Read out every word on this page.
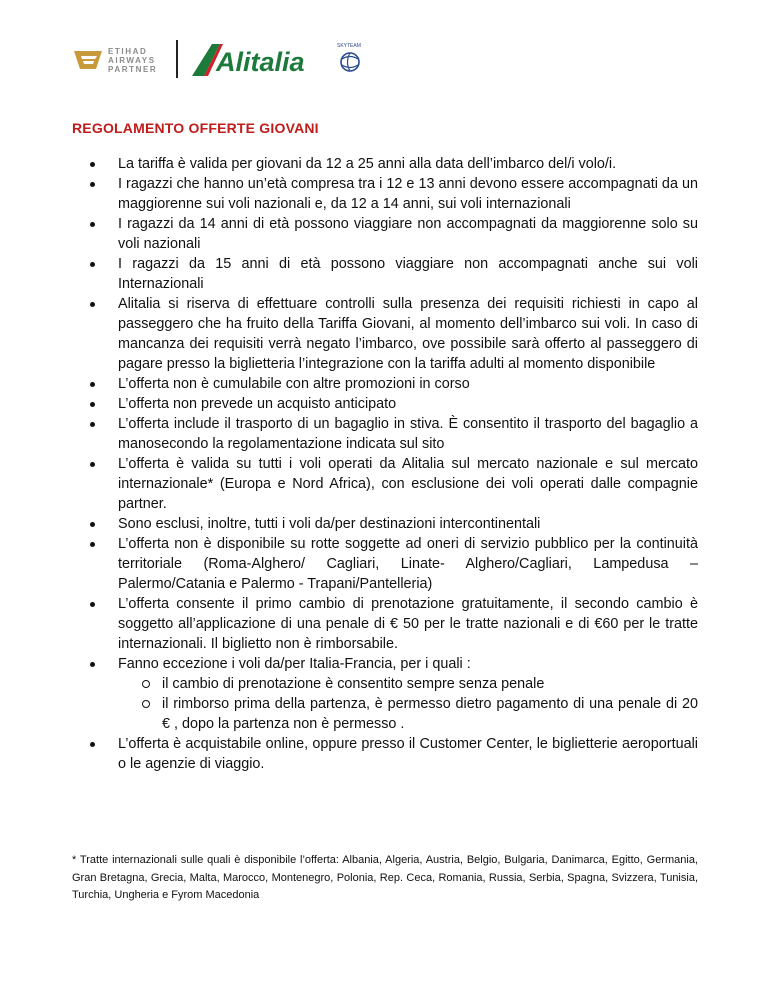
ETIHAD
AIRWAYS
PARTNER Alitalia
SKYTEAM
REGOLAMENTO OFFERTE GIOVANI
La tariffa è valida per giovani da 12 a 25 anni alla data dell’imbarco del/i volo/i.
I ragazzi che hanno un’età compresa tra i 12 e 13 anni devono essere accompagnati da un maggiorenne sui voli nazionali e, da 12 a 14 anni, sui voli internazionali
I ragazzi da 14 anni di età possono viaggiare non accompagnati da maggiorenne solo su voli nazionali
I ragazzi da 15 anni di età possono viaggiare non accompagnati anche sui voli Internazionali
Alitalia si riserva di effettuare controlli sulla presenza dei requisiti richiesti in capo al passeggero che ha fruito della Tariffa Giovani, al momento dell’imbarco sui voli. In caso di mancanza dei requisiti verrà negato l’imbarco, ove possibile sarà offerto al passeggero di pagare presso la biglietteria l’integrazione con la tariffa adulti al momento disponibile
L’offerta non è cumulabile con altre promozioni in corso
L’offerta non prevede un acquisto anticipato
L’offerta include il trasporto di un bagaglio in stiva. È consentito il trasporto del bagaglio a manosecondo la regolamentazione indicata sul sito
L’offerta è valida su tutti i voli operati da Alitalia sul mercato nazionale e sul mercato internazionale* (Europa e Nord Africa), con esclusione dei voli operati dalle compagnie partner.
Sono esclusi, inoltre, tutti i voli da/per destinazioni intercontinentali
L’offerta non è disponibile su rotte soggette ad oneri di servizio pubblico per la continuità territoriale (Roma-Alghero/ Cagliari, Linate- Alghero/Cagliari, Lampedusa – Palermo/Catania e Palermo - Trapani/Pantelleria)
L’offerta consente il primo cambio di prenotazione gratuitamente, il secondo cambio è soggetto all’applicazione di una penale di € 50 per le tratte nazionali e di €60 per le tratte internazionali. Il biglietto non è rimborsabile.
Fanno eccezione i voli da/per Italia-Francia, per i quali :
il cambio di prenotazione è consentito sempre senza penale
il rimborso prima della partenza, è permesso dietro pagamento di una penale di 20 € , dopo la partenza non è permesso .
L’offerta è acquistabile online, oppure presso il Customer Center, le biglietterie aeroportuali o le agenzie di viaggio.
* Tratte internazionali sulle quali è disponibile l’offerta: Albania, Algeria, Austria, Belgio, Bulgaria, Danimarca, Egitto, Germania, Gran Bretagna, Grecia, Malta, Marocco, Montenegro, Polonia, Rep. Ceca, Romania, Russia, Serbia, Spagna, Svizzera, Tunisia, Turchia, Ungheria e Fyrom Macedonia
